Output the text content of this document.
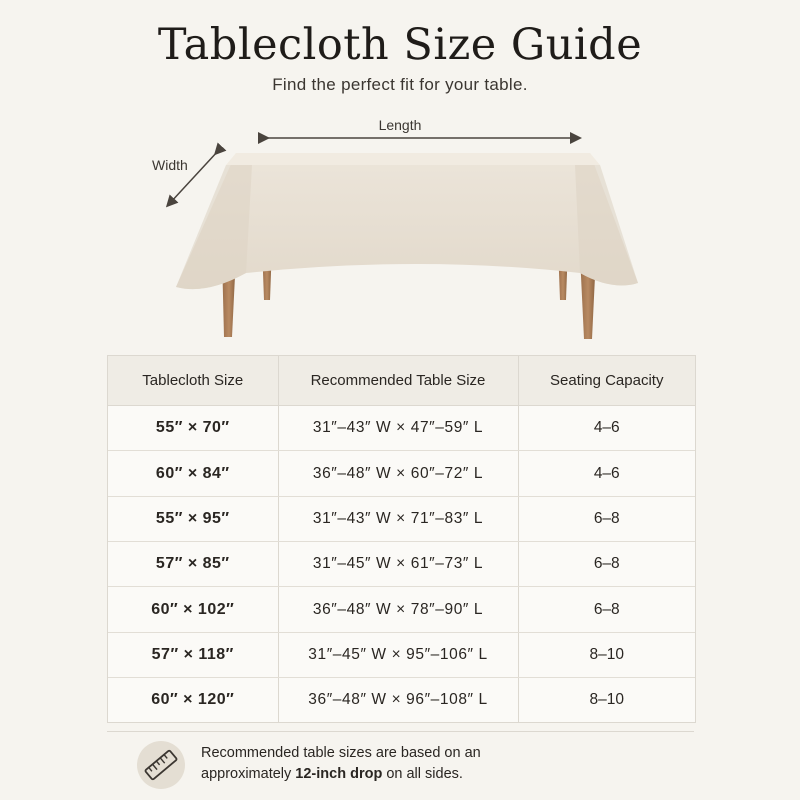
Tablecloth Size Guide
Find the perfect fit for your table.
Length
Width
Tablecloth Size	Recommended Table Size	Seating Capacity
55″ × 70″	31″–43″ W × 47″–59″ L	4–6
60″ × 84″	36″–48″ W × 60″–72″ L	4–6
55″ × 95″	31″–43″ W × 71″–83″ L	6–8
57″ × 85″	31″–45″ W × 61″–73″ L	6–8
60″ × 102″	36″–48″ W × 78″–90″ L	6–8
57″ × 118″	31″–45″ W × 95″–106″ L	8–10
60″ × 120″	36″–48″ W × 96″–108″ L	8–10
Recommended table sizes are based on an
approximately 12-inch drop on all sides.
